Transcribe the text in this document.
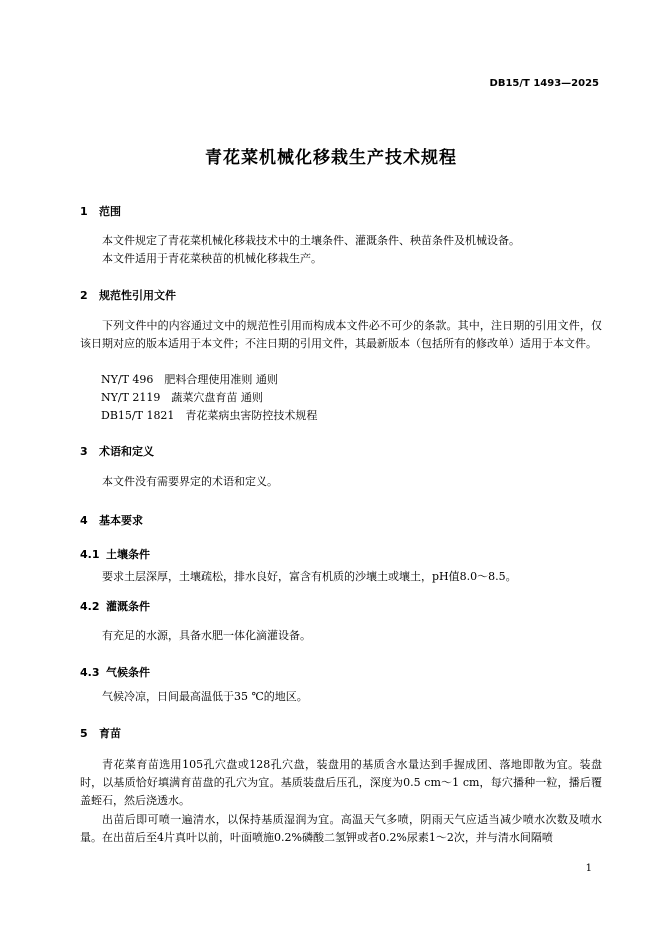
DB15/T 1493—2025
青花菜机械化移栽生产技术规程
1 范围
本文件规定了青花菜机械化移栽技术中的土壤条件、灌溉条件、秧苗条件及机械设备。
本文件适用于青花菜秧苗的机械化移栽生产。
2 规范性引用文件
下列文件中的内容通过文中的规范性引用而构成本文件必不可少的条款。其中，注日期的引用文件，仅该日期对应的版本适用于本文件；不注日期的引用文件，其最新版本（包括所有的修改单）适用于本文件。
NY/T 496　肥料合理使用准则 通则
NY/T 2119　蔬菜穴盘育苗 通则
DB15/T 1821　青花菜病虫害防控技术规程
3 术语和定义
本文件没有需要界定的术语和定义。
4 基本要求
4.1 土壤条件
要求土层深厚，土壤疏松，排水良好，富含有机质的沙壤土或壤土，pH值8.0～8.5。
4.2 灌溉条件
有充足的水源，具备水肥一体化滴灌设备。
4.3 气候条件
气候冷凉，日间最高温低于35 ℃的地区。
5 育苗
青花菜育苗选用105孔穴盘或128孔穴盘，装盘用的基质含水量达到手握成团、落地即散为宜。装盘时，以基质恰好填满育苗盘的孔穴为宜。基质装盘后压孔，深度为0.5 cm～1 cm，每穴播种一粒，播后覆盖蛭石，然后浇透水。
出苗后即可喷一遍清水，以保持基质湿润为宜。高温天气多喷，阴雨天气应适当减少喷水次数及喷水量。在出苗后至4片真叶以前，叶面喷施0.2%磷酸二氢钾或者0.2%尿素1～2次，并与清水间隔喷
1
